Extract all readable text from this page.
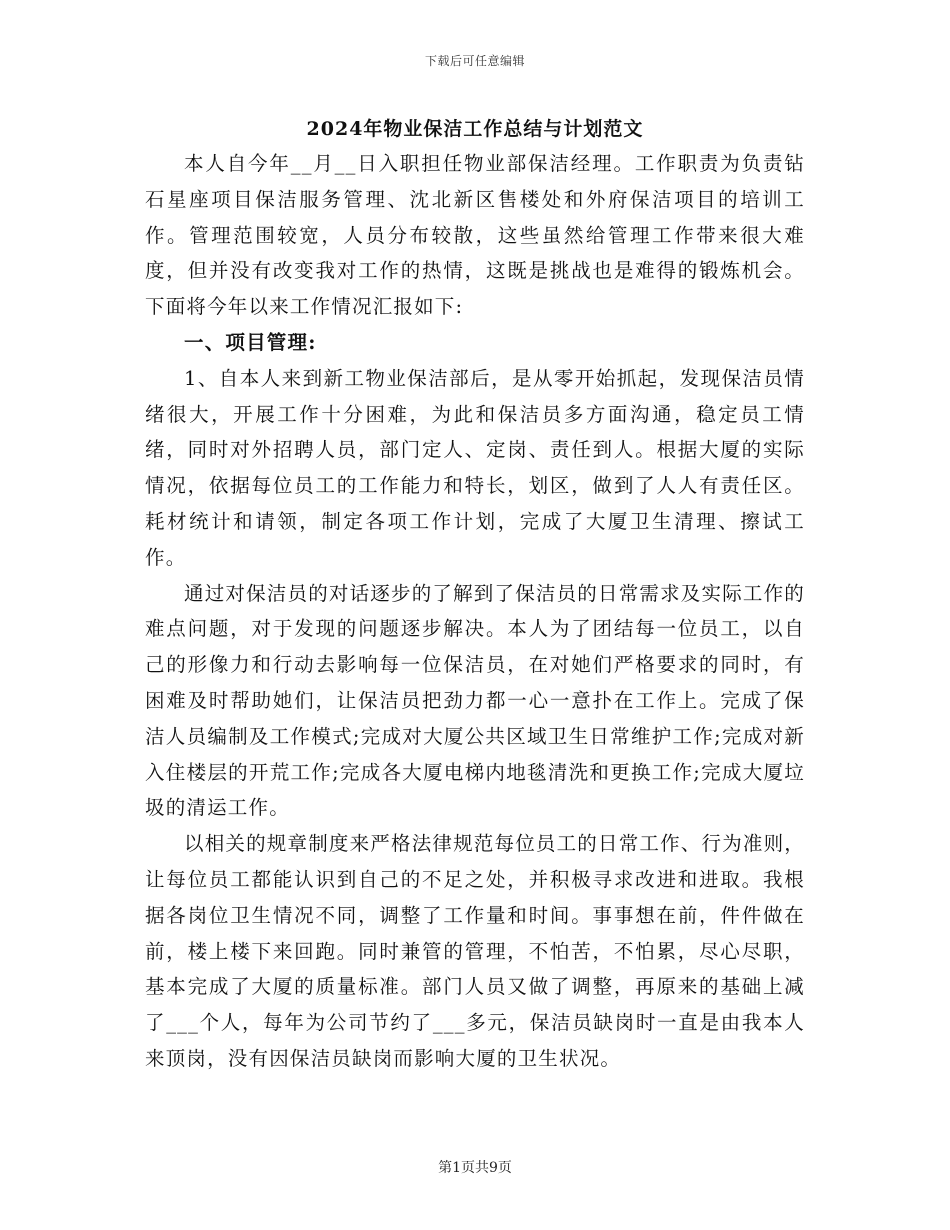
下载后可任意编辑
2024年物业保洁工作总结与计划范文

本人自今年__月__日入职担任物业部保洁经理。工作职责为负责钻石星座项目保洁服务管理、沈北新区售楼处和外府保洁项目的培训工作。管理范围较宽，人员分布较散，这些虽然给管理工作带来很大难度，但并没有改变我对工作的热情，这既是挑战也是难得的锻炼机会。下面将今年以来工作情况汇报如下:

一、项目管理:

1、自本人来到新工物业保洁部后，是从零开始抓起，发现保洁员情绪很大，开展工作十分困难，为此和保洁员多方面沟通，稳定员工情绪，同时对外招聘人员，部门定人、定岗、责任到人。根据大厦的实际情况，依据每位员工的工作能力和特长，划区，做到了人人有责任区。耗材统计和请领，制定各项工作计划，完成了大厦卫生清理、擦试工作。

通过对保洁员的对话逐步的了解到了保洁员的日常需求及实际工作的难点问题，对于发现的问题逐步解决。本人为了团结每一位员工，以自己的形像力和行动去影响每一位保洁员，在对她们严格要求的同时，有困难及时帮助她们，让保洁员把劲力都一心一意扑在工作上。完成了保洁人员编制及工作模式;完成对大厦公共区域卫生日常维护工作;完成对新入住楼层的开荒工作;完成各大厦电梯内地毯清洗和更换工作;完成大厦垃圾的清运工作。

以相关的规章制度来严格法律规范每位员工的日常工作、行为准则，让每位员工都能认识到自己的不足之处，并积极寻求改进和进取。我根据各岗位卫生情况不同，调整了工作量和时间。事事想在前，件件做在前，楼上楼下来回跑。同时兼管的管理，不怕苦，不怕累，尽心尽职，基本完成了大厦的质量标准。部门人员又做了调整，再原来的基础上减了___个人，每年为公司节约了___多元，保洁员缺岗时一直是由我本人来顶岗，没有因保洁员缺岗而影响大厦的卫生状况。

第1页共9页
